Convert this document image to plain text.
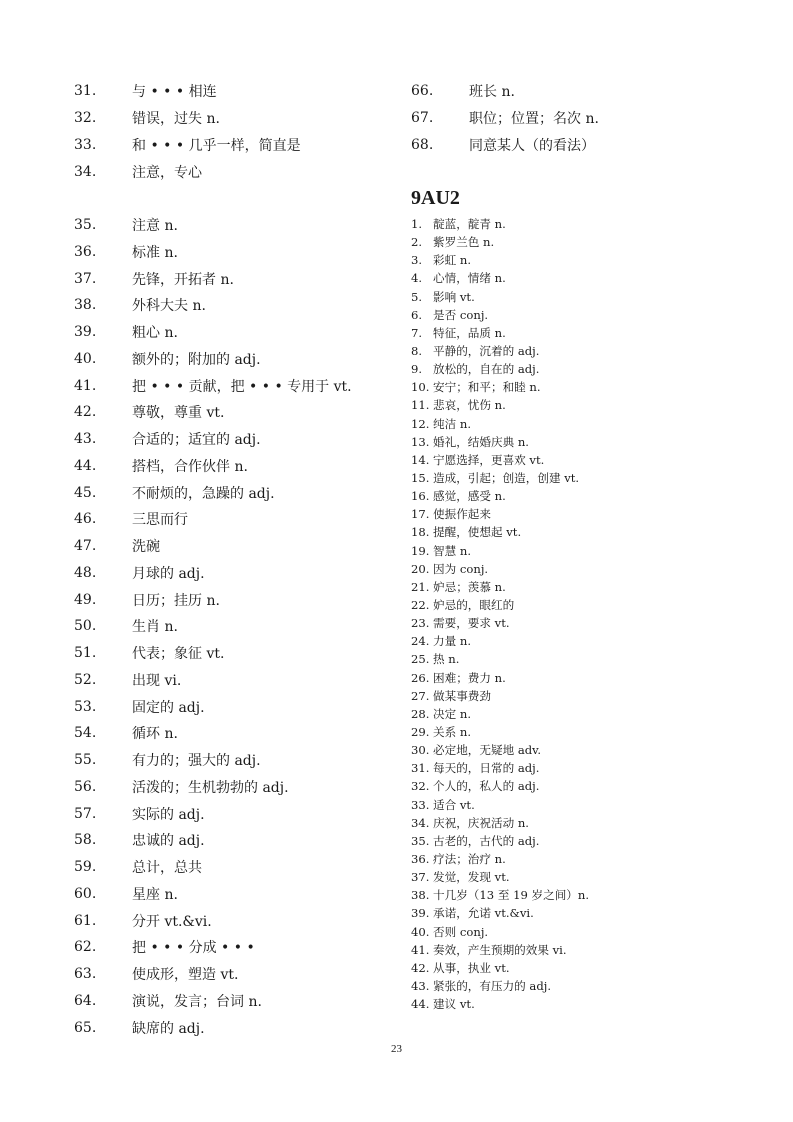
31.	与 • • • 相连
32.	错误，过失 n.
33.	和 • • • 几乎一样，简直是
34.	注意，专心
35.	注意 n.
36.	标准 n.
37.	先锋，开拓者 n.
38.	外科大夫 n.
39.	粗心 n.
40.	额外的；附加的 adj.
41.	把 • • • 贡献，把 • • • 专用于 vt.
42.	尊敬，尊重 vt.
43.	合适的；适宜的 adj.
44.	搭档，合作伙伴 n.
45.	不耐烦的，急躁的 adj.
46.	三思而行
47.	洗碗
48.	月球的 adj.
49.	日历；挂历 n.
50.	生肖 n.
51.	代表；象征 vt.
52.	出现 vi.
53.	固定的 adj.
54.	循环 n.
55.	有力的；强大的 adj.
56.	活泼的；生机勃勃的 adj.
57.	实际的 adj.
58.	忠诚的 adj.
59.	总计，总共
60.	星座 n.
61.	分开 vt.&vi.
62.	把 • • • 分成 • • •
63.	使成形，塑造 vt.
64.	演说，发言；台词 n.
65.	缺席的 adj.
66.	班长 n.
67.	职位；位置；名次 n.
68.	同意某人（的看法）
9AU2
1. 靛蓝，靛青 n.
2. 紫罗兰色 n.
3. 彩虹 n.
4. 心情，情绪 n.
5. 影响 vt.
6. 是否 conj.
7. 特征，品质 n.
8. 平静的，沉着的 adj.
9. 放松的，自在的 adj.
10. 安宁；和平；和睦 n.
11. 悲哀，忧伤 n.
12. 纯洁 n.
13. 婚礼，结婚庆典 n.
14. 宁愿选择，更喜欢 vt.
15. 造成，引起；创造，创建 vt.
16. 感觉，感受 n.
17. 使振作起来
18. 提醒，使想起 vt.
19. 智慧 n.
20. 因为 conj.
21. 妒忌；羡慕 n.
22. 妒忌的，眼红的
23. 需要，要求 vt.
24. 力量 n.
25. 热 n.
26. 困难；费力 n.
27. 做某事费劲
28. 决定 n.
29. 关系 n.
30. 必定地，无疑地 adv.
31. 每天的，日常的 adj.
32. 个人的，私人的 adj.
33. 适合 vt.
34. 庆祝，庆祝活动 n.
35. 古老的，古代的 adj.
36. 疗法；治疗 n.
37. 发觉，发现 vt.
38. 十几岁（13 至 19 岁之间）n.
39. 承诺，允诺 vt.&vi.
40. 否则 conj.
41. 奏效，产生预期的效果 vi.
42. 从事，执业 vt.
43. 紧张的，有压力的 adj.
44. 建议 vt.
23
